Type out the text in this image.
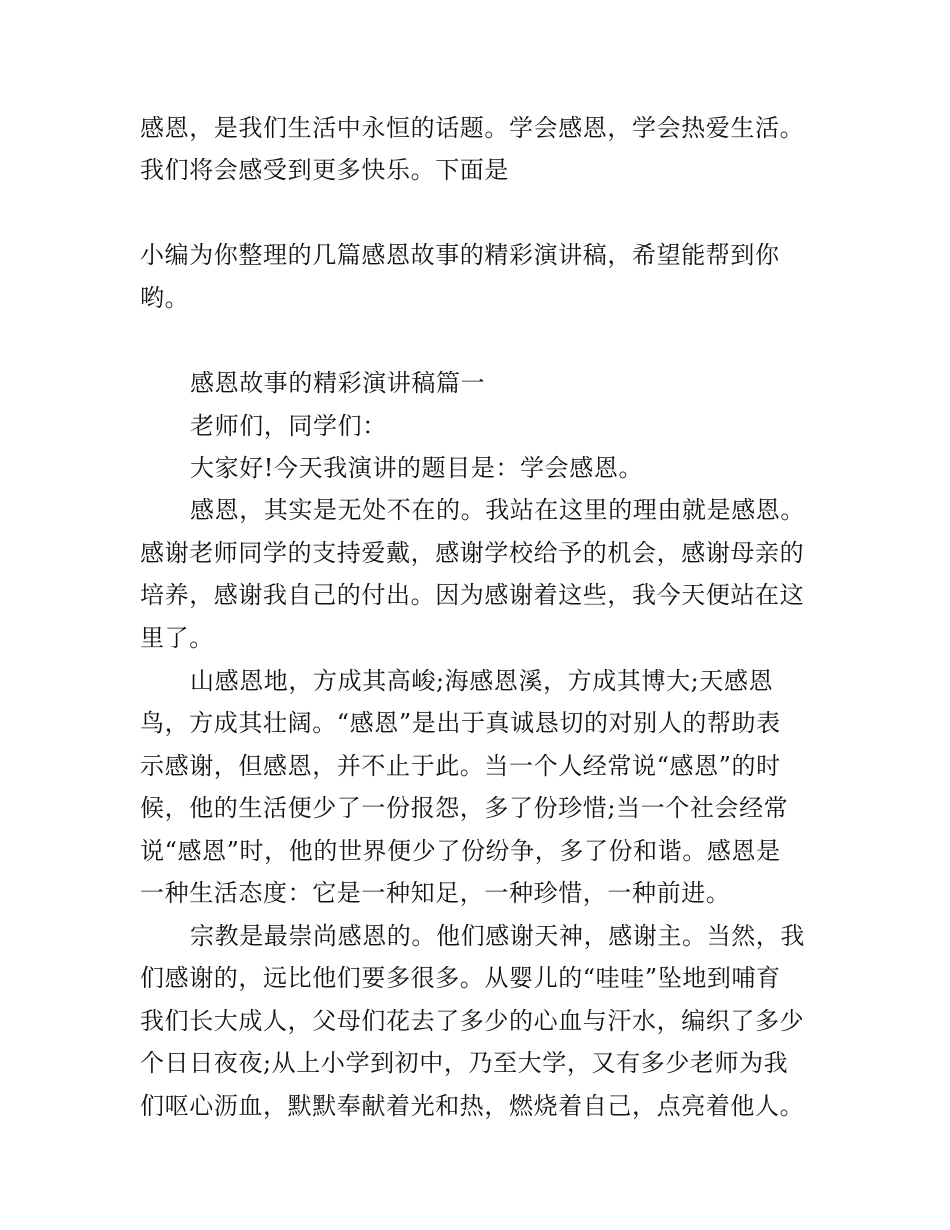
感恩，是我们生活中永恒的话题。学会感恩，学会热爱生活。
我们将会感受到更多快乐。下面是
小编为你整理的几篇感恩故事的精彩演讲稿，希望能帮到你
哟。
感恩故事的精彩演讲稿篇一
老师们，同学们：
大家好!今天我演讲的题目是：学会感恩。
感恩，其实是无处不在的。我站在这里的理由就是感恩。
感谢老师同学的支持爱戴，感谢学校给予的机会，感谢母亲的
培养，感谢我自己的付出。因为感谢着这些，我今天便站在这
里了。
山感恩地，方成其高峻;海感恩溪，方成其博大;天感恩
鸟，方成其壮阔。“感恩”是出于真诚恳切的对别人的帮助表
示感谢，但感恩，并不止于此。当一个人经常说“感恩”的时
候，他的生活便少了一份报怨，多了份珍惜;当一个社会经常
说“感恩”时，他的世界便少了份纷争，多了份和谐。感恩是
一种生活态度：它是一种知足，一种珍惜，一种前进。
宗教是最崇尚感恩的。他们感谢天神，感谢主。当然，我
们感谢的，远比他们要多很多。从婴儿的“哇哇”坠地到哺育
我们长大成人，父母们花去了多少的心血与汗水，编织了多少
个日日夜夜;从上小学到初中，乃至大学，又有多少老师为我
们呕心沥血，默默奉献着光和热，燃烧着自己，点亮着他人。
